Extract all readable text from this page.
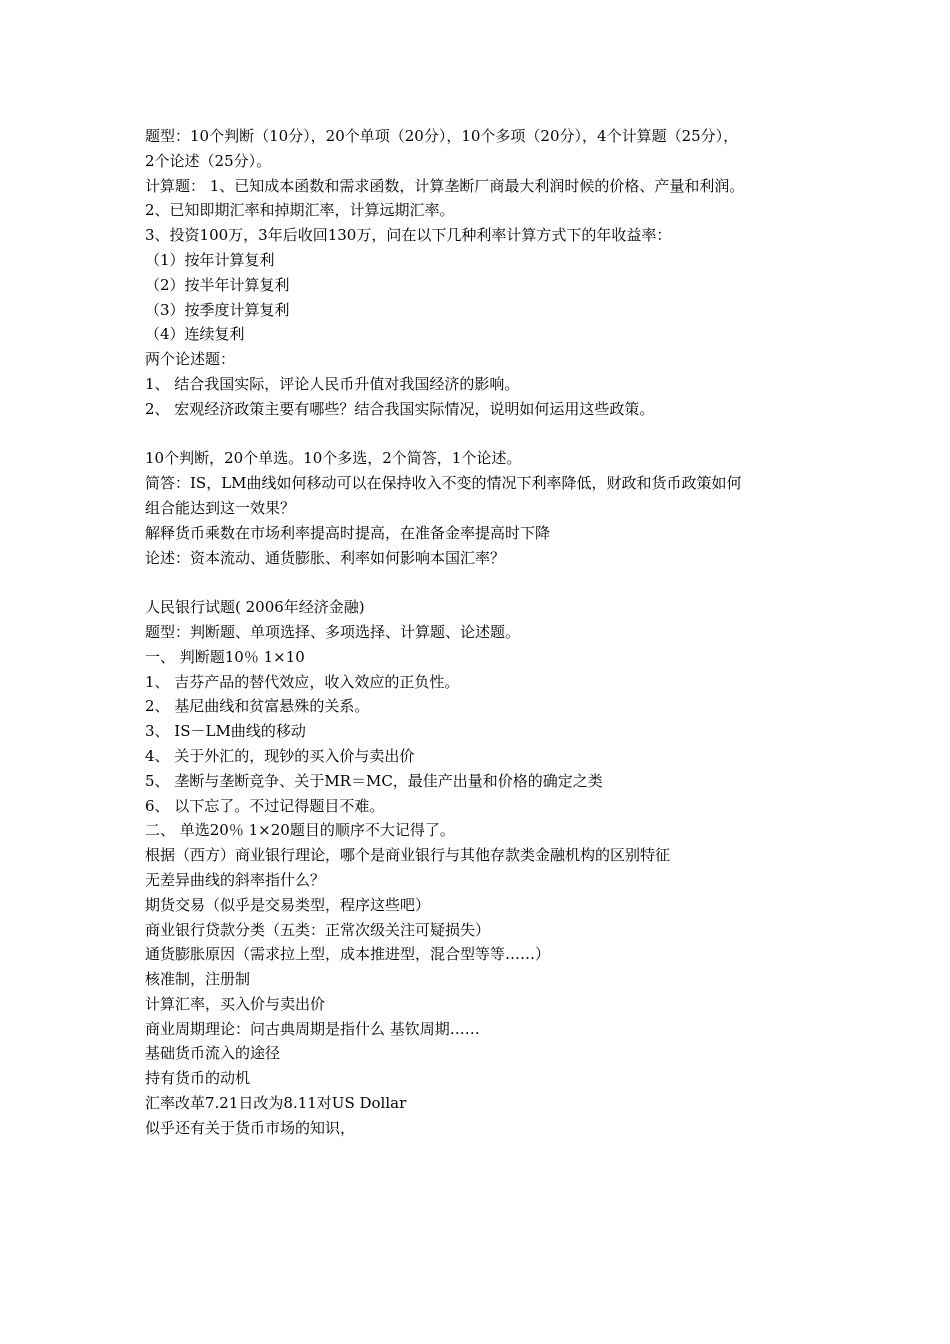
题型：10个判断（10分），20个单项（20分），10个多项（20分），4个计算题（25分），

2个论述（25分）。

计算题： 1、已知成本函数和需求函数，计算垄断厂商最大利润时候的价格、产量和利润。

2、已知即期汇率和掉期汇率，计算远期汇率。

3、投资100万，3年后收回130万，问在以下几种利率计算方式下的年收益率：

（1）按年计算复利

（2）按半年计算复利

（3）按季度计算复利

（4）连续复利

两个论述题：

1、 结合我国实际，评论人民币升值对我国经济的影响。

2、 宏观经济政策主要有哪些？结合我国实际情况，说明如何运用这些政策。

10个判断，20个单选。10个多选，2个简答，1个论述。

简答：IS，LM曲线如何移动可以在保持收入不变的情况下利率降低，财政和货币政策如何

组合能达到这一效果？

解释货币乘数在市场利率提高时提高，在准备金率提高时下降

论述：资本流动、通货膨胀、利率如何影响本国汇率？

人民银行试题( 2006年经济金融)

题型：判断题、单项选择、多项选择、计算题、论述题。

一、 判断题10％ 1×10

1、 吉芬产品的替代效应，收入效应的正负性。

2、 基尼曲线和贫富悬殊的关系。

3、 IS－LM曲线的移动

4、 关于外汇的，现钞的买入价与卖出价

5、 垄断与垄断竞争、关于MR＝MC，最佳产出量和价格的确定之类

6、 以下忘了。不过记得题目不难。

二、 单选20％ 1×20题目的顺序不大记得了。

根据（西方）商业银行理论，哪个是商业银行与其他存款类金融机构的区别特征

无差异曲线的斜率指什么？

期货交易（似乎是交易类型，程序这些吧）

商业银行贷款分类（五类：正常次级关注可疑损失）

通货膨胀原因（需求拉上型，成本推进型，混合型等等……）

核准制，注册制

计算汇率，买入价与卖出价

商业周期理论：问古典周期是指什么 基钦周期……

基础货币流入的途径

持有货币的动机

汇率改革7.21日改为8.11对US Dollar

似乎还有关于货币市场的知识，
